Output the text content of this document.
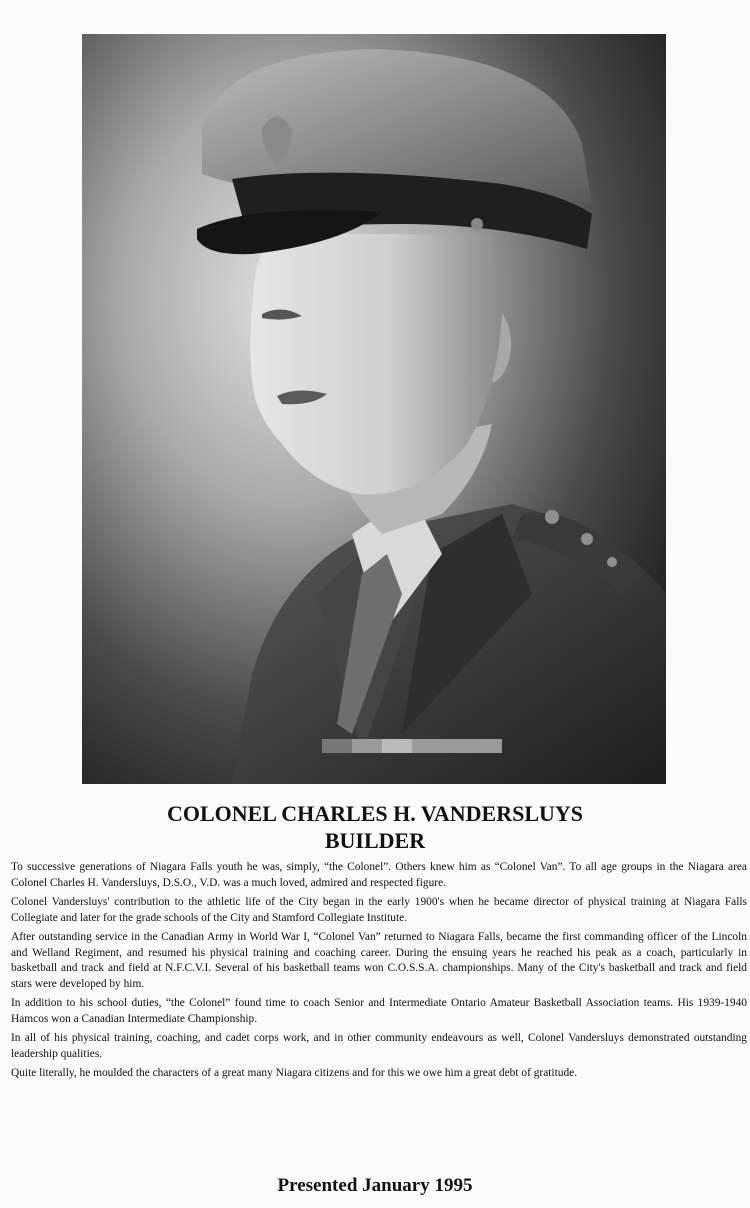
COLONEL CHARLES H. VANDERSLUYS
BUILDER

To successive generations of Niagara Falls youth he was, simply, “the Colonel”. Others knew him as “Colonel Van”. To all age groups in the Niagara area Colonel Charles H. Vandersluys, D.S.O., V.D. was a much loved, admired and respected figure.

Colonel Vandersluys' contribution to the athletic life of the City began in the early 1900's when he became director of physical training at Niagara Falls Collegiate and later for the grade schools of the City and Stamford Collegiate Institute.

After outstanding service in the Canadian Army in World War I, “Colonel Van” returned to Niagara Falls, became the first commanding officer of the Lincoln and Welland Regiment, and resumed his physical training and coaching career. During the ensuing years he reached his peak as a coach, particularly in basketball and track and field at N.F.C.V.I. Several of his basketball teams won C.O.S.S.A. championships. Many of the City's basketball and track and field stars were developed by him.

In addition to his school duties, “the Colonel” found time to coach Senior and Intermediate Ontario Amateur Basketball Association teams. His 1939-1940 Hamcos won a Canadian Intermediate Championship.

In all of his physical training, coaching, and cadet corps work, and in other community endeavours as well, Colonel Vandersluys demonstrated outstanding leadership qualities.

Quite literally, he moulded the characters of a great many Niagara citizens and for this we owe him a great debt of gratitude.

Presented January 1995
